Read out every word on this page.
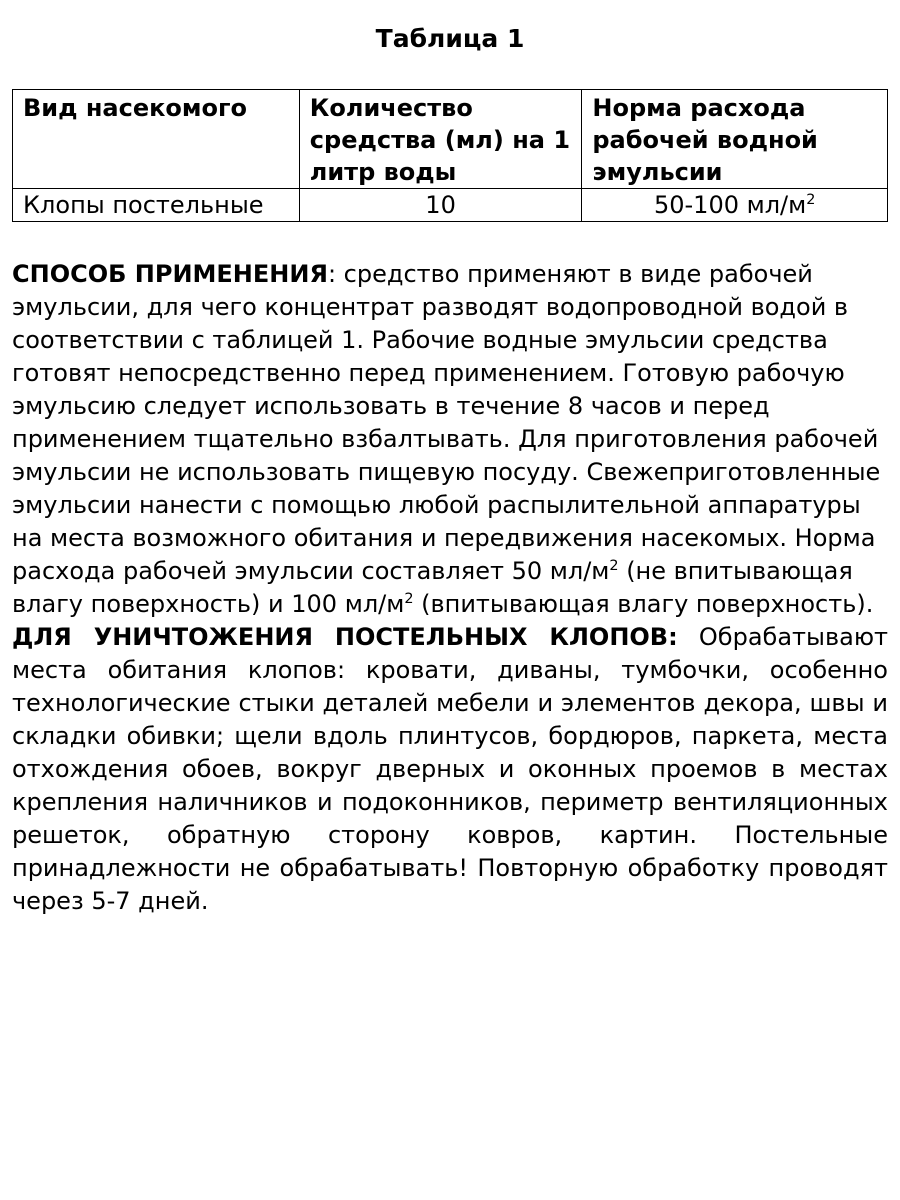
Таблица 1
Вид насекомого	Количество средства (мл) на 1 литр воды	Норма расхода рабочей водной эмульсии
Клопы постельные	10	50-100 $мл/м^2$

СПОСОБ ПРИМЕНЕНИЯ: средство применяют в виде рабочей эмульсии, для чего концентрат разводят водопроводной водой в соответствии с таблицей 1. Рабочие водные эмульсии средства готовят непосредственно перед применением. Готовую рабочую эмульсию следует использовать в течение 8 часов и перед применением тщательно взбалтывать. Для приготовления рабочей эмульсии не использовать пищевую посуду. Свежеприготовленные эмульсии нанести с помощью любой распылительной аппаратуры на места возможного обитания и передвижения насекомых. Норма расхода рабочей эмульсии составляет 50 $мл/м^2$ (не впитывающая влагу поверхность) и 100 $мл/м^2$ (впитывающая влагу поверхность).

ДЛЯ УНИЧТОЖЕНИЯ ПОСТЕЛЬНЫХ КЛОПОВ: Обрабатывают места обитания клопов: кровати, диваны, тумбочки, особенно технологические стыки деталей мебели и элементов декора, швы и складки обивки; щели вдоль плинтусов, бордюров, паркета, места отхождения обоев, вокруг дверных и оконных проемов в местах крепления наличников и подоконников, периметр вентиляционных решеток, обратную сторону ковров, картин. Постельные принадлежности не обрабатывать! Повторную обработку проводят через 5-7 дней.
